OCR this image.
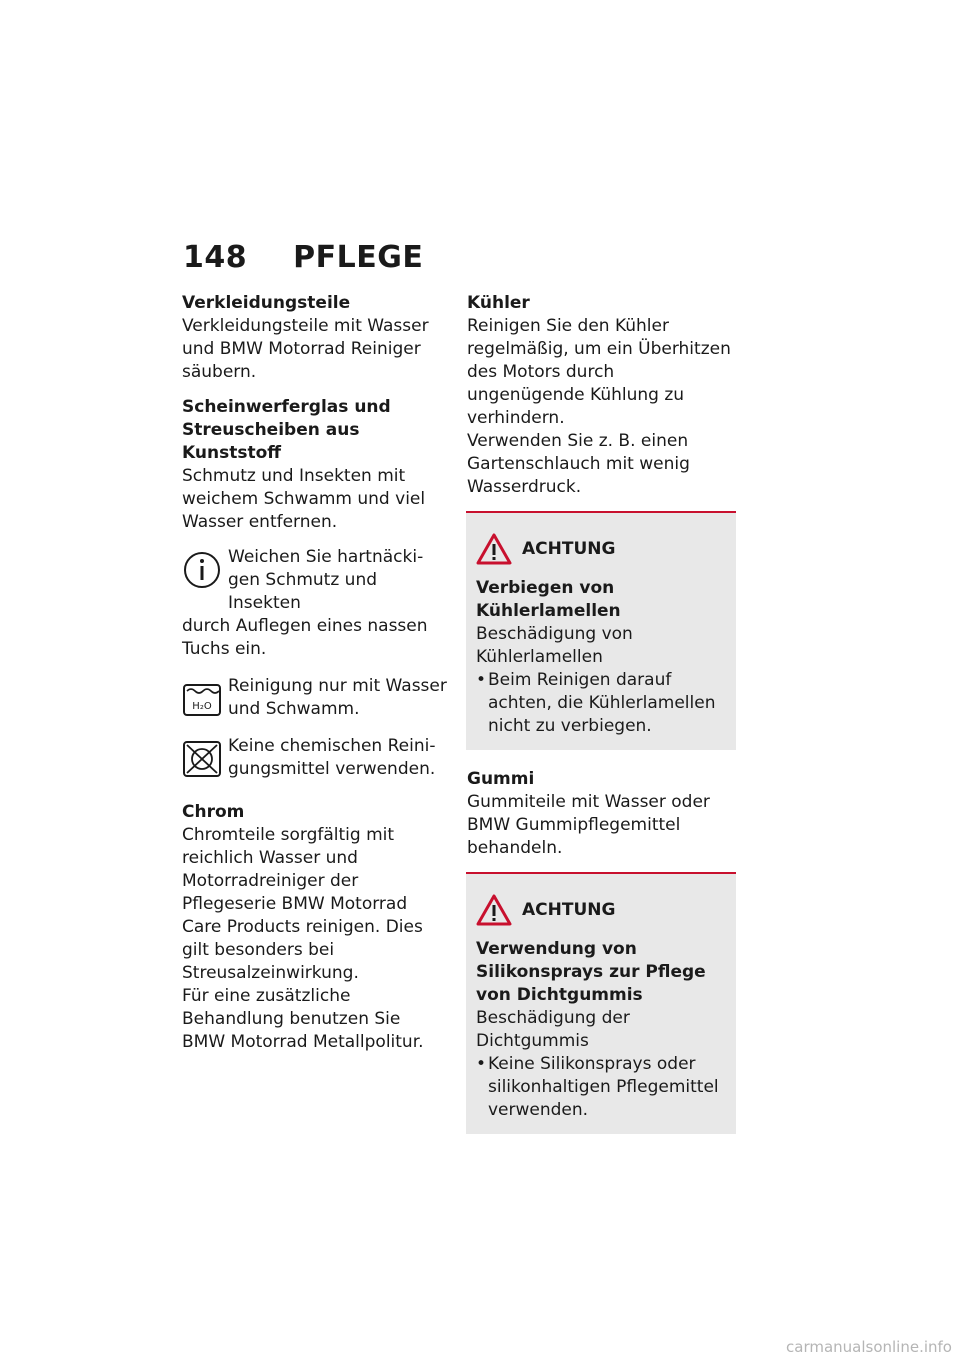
148 PFLEGE
Verkleidungsteile
Verkleidungsteile mit Wasser und BMW Motorrad Reiniger säubern.
Scheinwerferglas und Streuscheiben aus Kunststoff
Schmutz und Insekten mit weichem Schwamm und viel Wasser entfernen.
Weichen Sie hartnäcki-
gen Schmutz und Insekten
durch Auflegen eines nassen Tuchs ein.
H₂O
Reinigung nur mit Wasser
und Schwamm.
Keine chemischen Reini-
gungsmittel verwenden.
Chrom
Chromteile sorgfältig mit reichlich Wasser und Motorradreiniger der Pflegeserie BMW Motorrad Care Products reinigen. Dies gilt besonders bei Streusalzeinwirkung.
Für eine zusätzliche Behandlung benutzen Sie BMW Motorrad Metallpolitur.
Kühler
Reinigen Sie den Kühler regelmäßig, um ein Überhitzen des Motors durch ungenügende Kühlung zu verhindern.
Verwenden Sie z. B. einen Gartenschlauch mit wenig Wasserdruck.
ACHTUNG
Verbiegen von Kühlerlamellen
Beschädigung von Kühlerlamellen
• Beim Reinigen darauf achten, die Kühlerlamellen nicht zu verbiegen.
Gummi
Gummiteile mit Wasser oder BMW Gummipflegemittel behandeln.
ACHTUNG
Verwendung von Silikonsprays zur Pflege von Dichtgummis
Beschädigung der Dichtgummis
• Keine Silikonsprays oder silikonhaltigen Pflegemittel verwenden.
carmanualsonline.info
